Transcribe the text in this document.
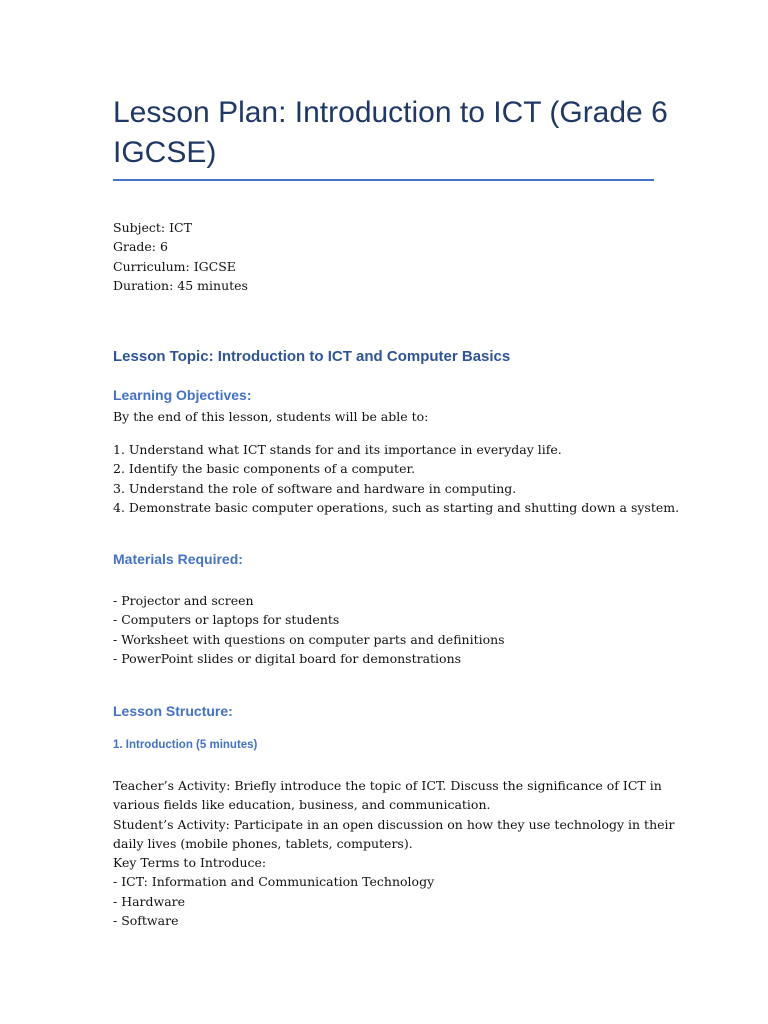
Lesson Plan: Introduction to ICT (Grade 6 IGCSE)
Subject: ICT
Grade: 6
Curriculum: IGCSE
Duration: 45 minutes
Lesson Topic: Introduction to ICT and Computer Basics
Learning Objectives:
By the end of this lesson, students will be able to:
1. Understand what ICT stands for and its importance in everyday life.
2. Identify the basic components of a computer.
3. Understand the role of software and hardware in computing.
4. Demonstrate basic computer operations, such as starting and shutting down a system.
Materials Required:
- Projector and screen
- Computers or laptops for students
- Worksheet with questions on computer parts and definitions
- PowerPoint slides or digital board for demonstrations
Lesson Structure:
1. Introduction (5 minutes)
Teacher’s Activity: Briefly introduce the topic of ICT. Discuss the significance of ICT in
various fields like education, business, and communication.
Student’s Activity: Participate in an open discussion on how they use technology in their
daily lives (mobile phones, tablets, computers).
Key Terms to Introduce:
- ICT: Information and Communication Technology
- Hardware
- Software
